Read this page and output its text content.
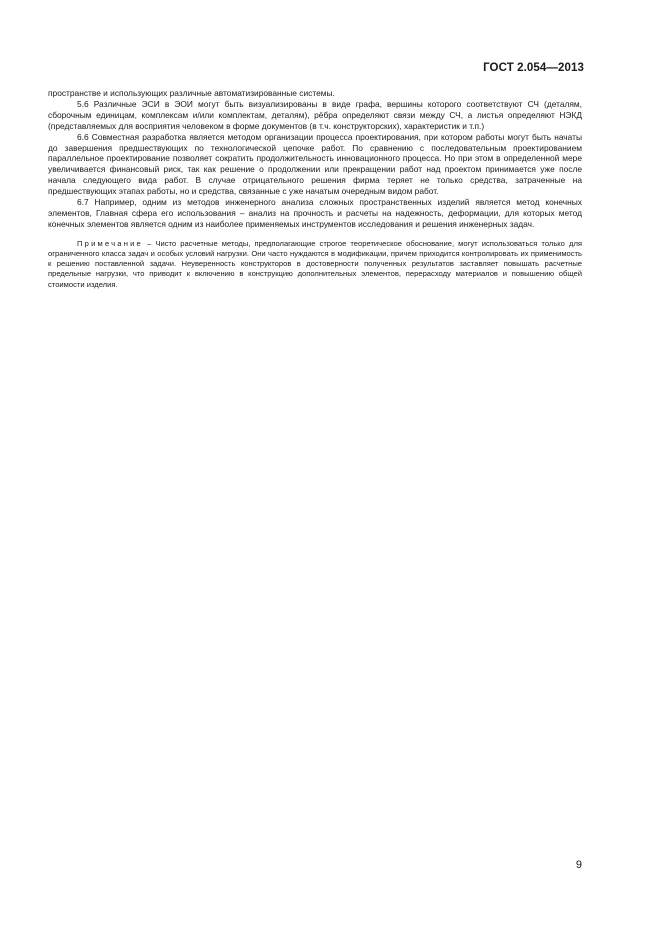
ГОСТ 2.054—2013

пространстве и использующих различные автоматизированные системы.

5.6 Различные ЭСИ в ЭОИ могут быть визуализированы в виде графа, вершины которого соответствуют СЧ (деталям, сборочным единицам, комплексам и/или комплектам, деталям), рёбра определяют связи между СЧ, а листья определяют НЭКД (представляемых для восприятия человеком в форме документов (в т.ч. конструкторских), характеристик и т.п.)

6.6 Совместная разработка является методом организации процесса проектирования, при котором работы могут быть начаты до завершения предшествующих по технологической цепочке работ. По сравнению с последовательным проектированием параллельное проектирование позволяет сократить продолжительность инновационного процесса. Но при этом в определенной мере увеличивается финансовый риск, так как решение о продолжении или прекращении работ над проектом принимается уже после начала следующего вида работ. В случае отрицательного решения фирма теряет не только средства, затраченные на предшествующих этапах работы, но и средства, связанные с уже начатым очередным видом работ.

6.7 Например, одним из методов инженерного анализа сложных пространственных изделий является метод конечных элементов, Главная сфера его использования – анализ на прочность и расчеты на надежность, деформации, для которых метод конечных элементов является одним из наиболее применяемых инструментов исследования и решения инженерных задач.

Примечание – Чисто расчетные методы, предполагающие строгое теоретическое обоснование, могут использоваться только для ограниченного класса задач и особых условий нагрузки. Они часто нуждаются в модификации, причем приходится контролировать их применимость к решению поставленной задачи. Неуверенность конструкторов в достоверности полученных результатов заставляет повышать расчетные предельные нагрузки, что приводит к включению в конструкцию дополнительных элементов, перерасходу материалов и повышению общей стоимости изделия.

9
